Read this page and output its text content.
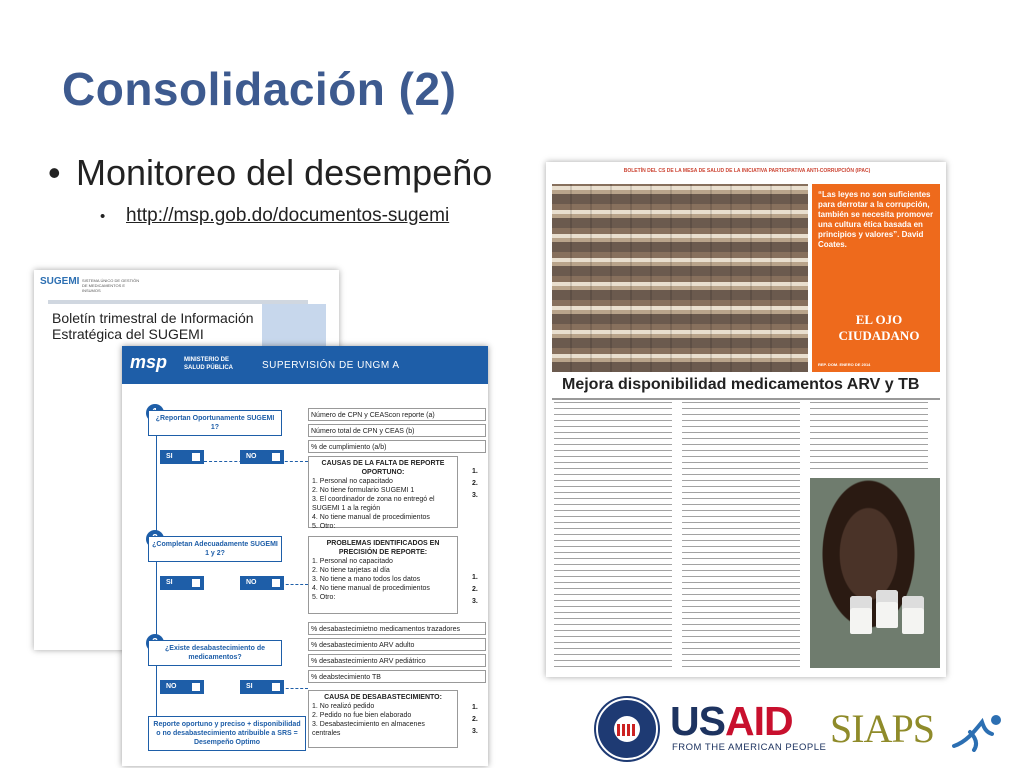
Consolidación (2)
• Monitoreo del desempeño
• http://msp.gob.do/documentos-sugemi
SUGEMI SISTEMA ÚNICO DE GESTIÓN DE MEDICAMENTOS E INSUMOS
Boletín trimestral de Información Estratégica del SUGEMI
msp	MINISTERIO DE SALUD PÚBLICA	SUPERVISIÓN DE UNGM A
¿Reportan Oportunamente SUGEMI 1?
SI	NO
Número de CPN y CEAScon reporte (a)
Número total de CPN y CEAS (b)
% de cumplimiento (a/b)
CAUSAS DE LA FALTA DE REPORTE OPORTUNO:
1. Personal no capacitado
2. No tiene formulario SUGEMI 1
3. El coordinador de zona no entregó el SUGEMI 1 a la región
4. No tiene manual de procedimientos
5. Otro:
1.
2.
3.
¿Completan Adecuadamente SUGEMI 1 y 2?
SI	NO
PROBLEMAS IDENTIFICADOS EN PRECISIÓN DE REPORTE:
1. Personal no capacitado
2. No tiene tarjetas al día
3. No tiene a mano todos los datos
4. No tiene manual de procedimientos
5. Otro:
1.
2.
3.
¿Existe desabastecimiento de medicamentos?
NO	SI
% desabastecimietno medicamentos trazadores
% desabastecimiento ARV adulto
% desabastecimiento ARV pediátrico
% deabstecimiento TB
CAUSA DE DESABASTECIMIENTO:
1. No realizó pedido
2. Pedido no fue bien elaborado
3. Desabastecimiento en almacenes centrales
1.
2.
3.
Reporte oportuno y preciso + disponibilidad o no desabastecimiento atribuible a SRS = Desempeño Optimo
BOLETÍN DEL CS DE LA MESA DE SALUD DE LA INICIATIVA PARTICIPATIVA ANTI-CORRUPCIÓN (IPAC)
“Las leyes no son suficientes para derrotar a la corrupción, también se necesita promover una cultura ética basada en principios y valores”. David Coates.
EL OJO CIUDADANO
REP. DOM. ENERO DE 2014
Mejora disponibilidad medicamentos ARV y TB
USAID
FROM THE AMERICAN PEOPLE SIAPS
